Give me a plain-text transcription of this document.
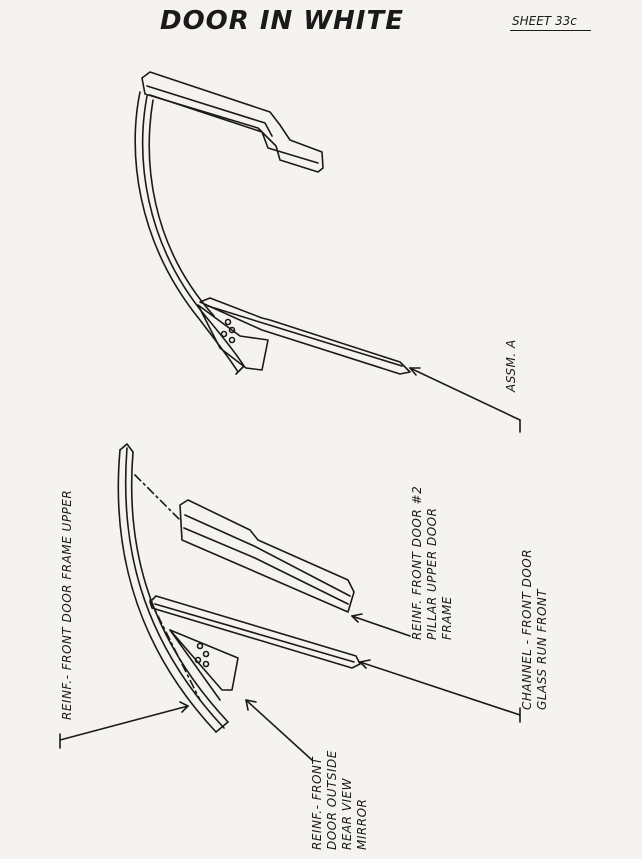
DOOR IN WHITE	SHEET 33c
ASSM. A
REINF.- FRONT DOOR FRAME UPPER	REINF. FRONT DOOR #2 PILLAR UPPER DOOR FRAME	CHANNEL - FRONT DOOR GLASS RUN FRONT
REINF.- FRONT DOOR OUTSIDE REAR VIEW MIRROR
